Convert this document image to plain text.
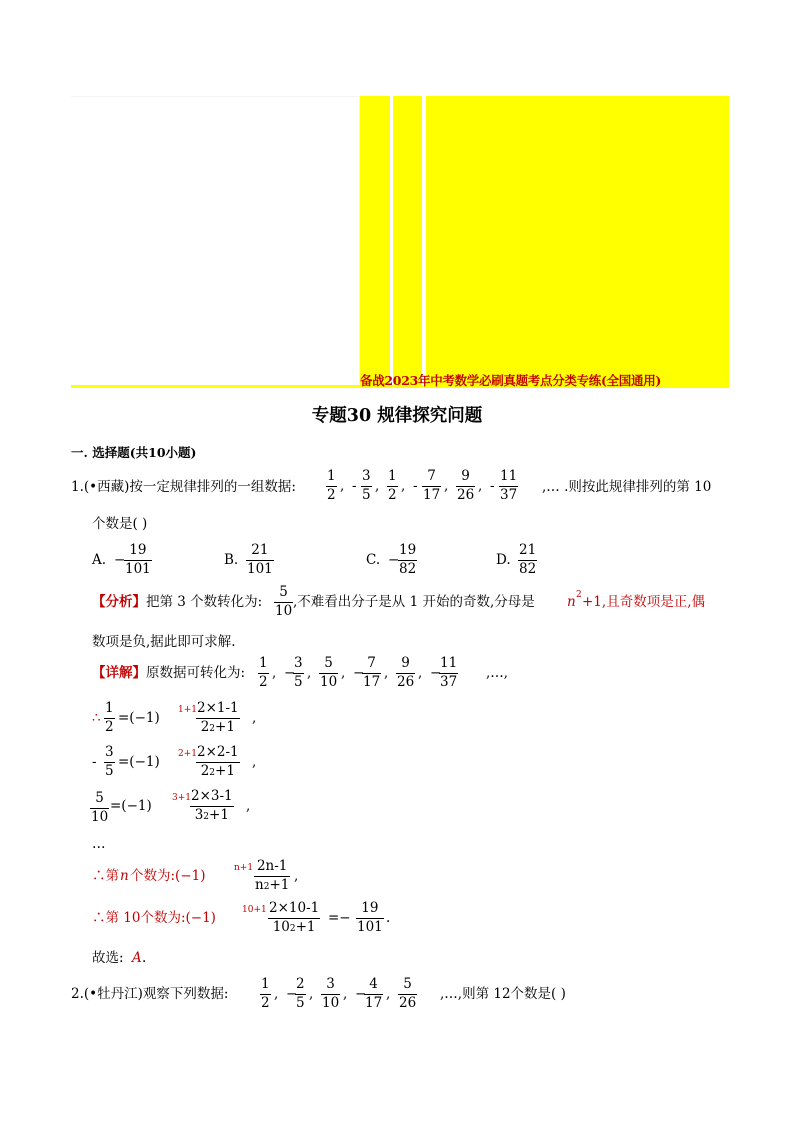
备战2023年中考数学必刷真题考点分类专练(全国通用)
专题30 规律探究问题
一. 选择题(共10小题)
1.(•西藏)按一定规律排列的一组数据: $\frac{1}{2}$ , - $\frac{3}{5}$ , $\frac{1}{2}$ , - $\frac{7}{17}$ , $\frac{9}{26}$ , - $\frac{11}{37}$ ,… .则按此规律排列的第 10
个数是( )
A. −
$\frac{19}{101}$	B. $\frac{21}{101}$	C. −
$\frac{19}{82}$	D. $\frac{21}{82}$
【分析】 把第 3 个数转化为: $\frac{5}{10}$ ,不难看出分子是从 1 开始的奇数,分母是 n 2 +1,且奇数项是正,偶
数项是负,据此即可求解.
【详解】 原数据可转化为: $\frac{1}{2}$ , −
$\frac{3}{5}$ , $\frac{5}{10}$ , −
$\frac{7}{17}$ , $\frac{9}{26}$ , −
$\frac{11}{37}$ ,…,
∴ $\frac{1}{2} =(-1)$ $1+1 \frac{2\times 1-1}{22+1}$ ,
- $\frac{3}{5} =(-1)$ $2+1 \frac{2\times 2-1}{22+1}$ ,
$\frac{5}{10} =(-1)$ $3+1 \frac{2\times 3-1}{32+1}$ ,
…
∴第 n 个数为:(−1)	$n+1 \frac{2n-1}{n2+1}$ ,
∴第 10个数为:(−1)	$10+1 \frac{2\times 10-1}{102+1} =- \frac{19}{101}$ .
故选: A .
2.(•牡丹江)观察下列数据: $\frac{1}{2}$ , −
$\frac{2}{5}$ , $\frac{3}{10}$ , −
$\frac{4}{17}$ , $\frac{5}{26}$ ,…,则第 12个数是( )
